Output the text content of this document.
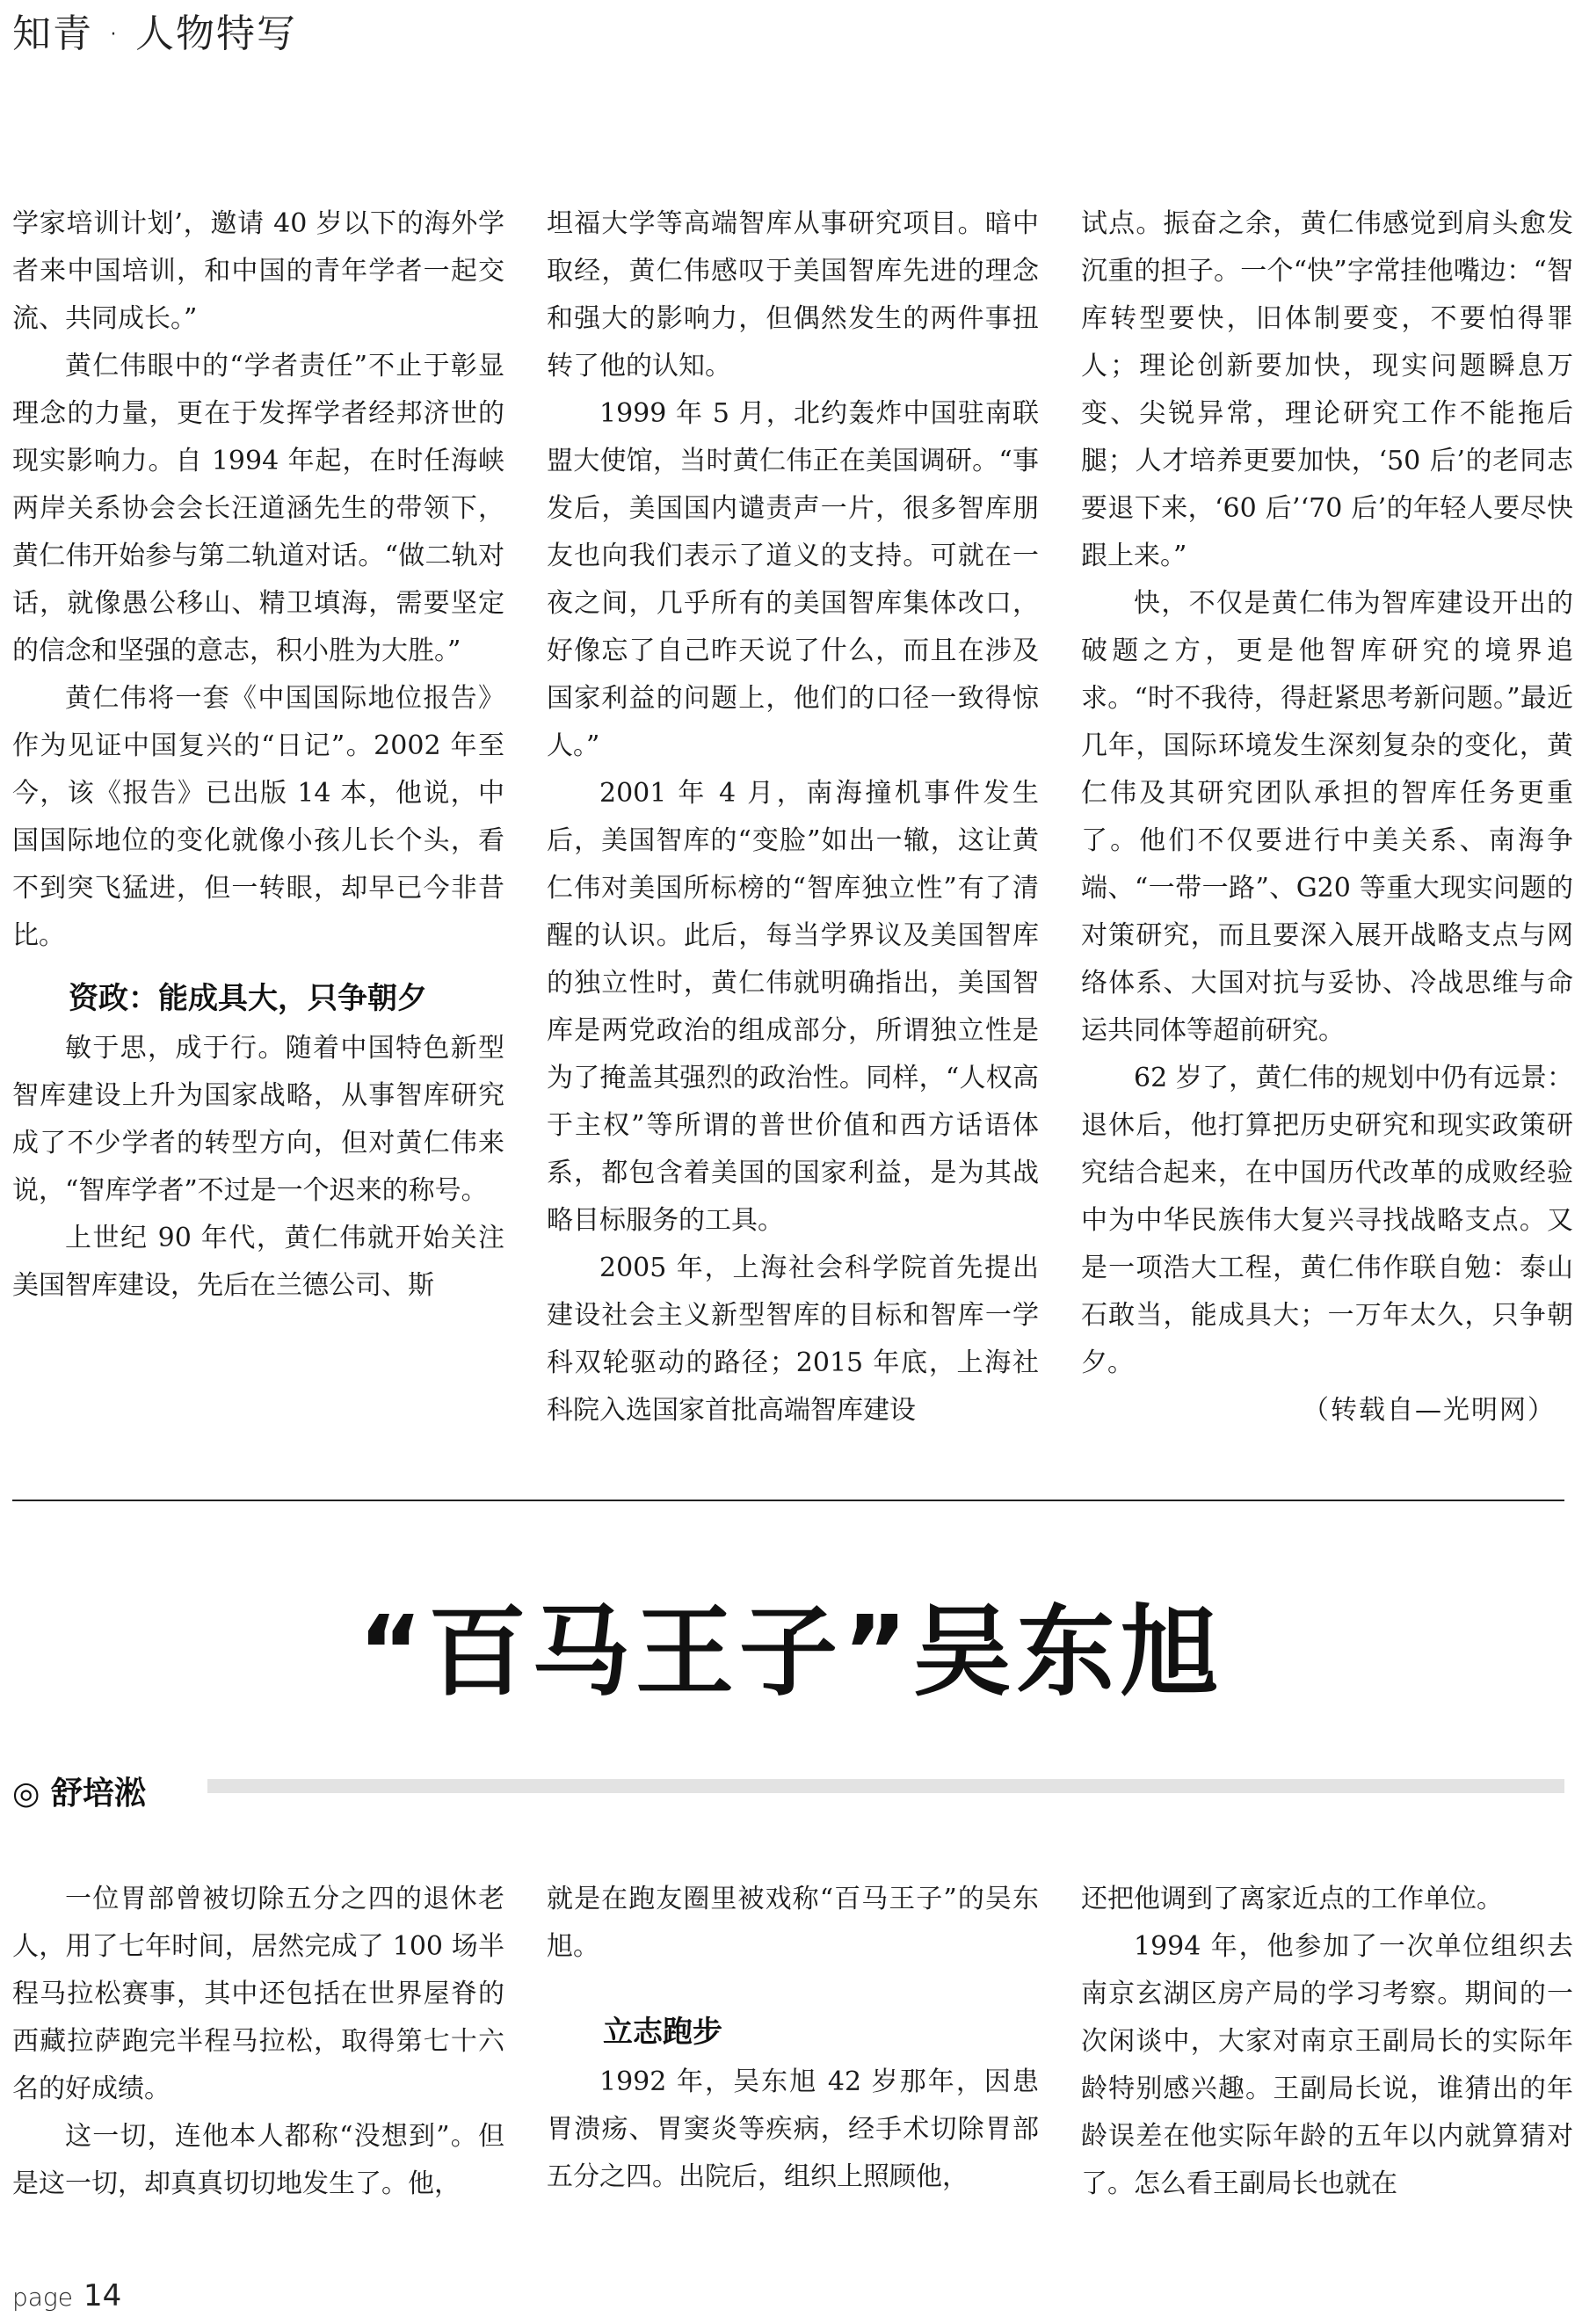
知青 · 人物特写

学家培训计划’，邀请 40 岁以下的海外学者来中国培训，和中国的青年学者一起交流、共同成长。”

黄仁伟眼中的“学者责任”不止于彰显理念的力量，更在于发挥学者经邦济世的现实影响力。自 1994 年起，在时任海峡两岸关系协会会长汪道涵先生的带领下，黄仁伟开始参与第二轨道对话。“做二轨对话，就像愚公移山、精卫填海，需要坚定的信念和坚强的意志，积小胜为大胜。”

黄仁伟将一套《中国国际地位报告》作为见证中国复兴的“日记”。2002 年至今，该《报告》已出版 14 本，他说，中国国际地位的变化就像小孩儿长个头，看不到突飞猛进，但一转眼，却早已今非昔比。

资政：能成具大，只争朝夕

敏于思，成于行。随着中国特色新型智库建设上升为国家战略，从事智库研究成了不少学者的转型方向，但对黄仁伟来说，“智库学者”不过是一个迟来的称号。

上世纪 90 年代，黄仁伟就开始关注美国智库建设，先后在兰德公司、斯

坦福大学等高端智库从事研究项目。暗中取经，黄仁伟感叹于美国智库先进的理念和强大的影响力，但偶然发生的两件事扭转了他的认知。

1999 年 5 月，北约轰炸中国驻南联盟大使馆，当时黄仁伟正在美国调研。“事发后，美国国内谴责声一片，很多智库朋友也向我们表示了道义的支持。可就在一夜之间，几乎所有的美国智库集体改口，好像忘了自己昨天说了什么，而且在涉及国家利益的问题上，他们的口径一致得惊人。”

2001 年 4 月，南海撞机事件发生后，美国智库的“变脸”如出一辙，这让黄仁伟对美国所标榜的“智库独立性”有了清醒的认识。此后，每当学界议及美国智库的独立性时，黄仁伟就明确指出，美国智库是两党政治的组成部分，所谓独立性是为了掩盖其强烈的政治性。同样，“人权高于主权”等所谓的普世价值和西方话语体系，都包含着美国的国家利益，是为其战略目标服务的工具。

2005 年，上海社会科学院首先提出建设社会主义新型智库的目标和智库一学科双轮驱动的路径；2015 年底，上海社科院入选国家首批高端智库建设

试点。振奋之余，黄仁伟感觉到肩头愈发沉重的担子。一个“快”字常挂他嘴边：“智库转型要快，旧体制要变，不要怕得罪人；理论创新要加快，现实问题瞬息万变、尖锐异常，理论研究工作不能拖后腿；人才培养更要加快，‘50 后’的老同志要退下来，‘60 后’‘70 后’的年轻人要尽快跟上来。”

快，不仅是黄仁伟为智库建设开出的破题之方，更是他智库研究的境界追求。“时不我待，得赶紧思考新问题。”最近几年，国际环境发生深刻复杂的变化，黄仁伟及其研究团队承担的智库任务更重了。他们不仅要进行中美关系、南海争端、“一带一路”、G20 等重大现实问题的对策研究，而且要深入展开战略支点与网络体系、大国对抗与妥协、冷战思维与命运共同体等超前研究。

62 岁了，黄仁伟的规划中仍有远景：退休后，他打算把历史研究和现实政策研究结合起来，在中国历代改革的成败经验中为中华民族伟大复兴寻找战略支点。又是一项浩大工程，黄仁伟作联自勉：泰山石敢当，能成具大；一万年太久，只争朝夕。

（转载自—光明网）

“百马王子”吴东旭
◎ 舒培淞

一位胃部曾被切除五分之四的退休老人，用了七年时间，居然完成了 100 场半程马拉松赛事，其中还包括在世界屋脊的西藏拉萨跑完半程马拉松，取得第七十六名的好成绩。

这一切，连他本人都称“没想到”。但是这一切，却真真切切地发生了。他，

就是在跑友圈里被戏称“百马王子”的吴东旭。

立志跑步

1992 年，吴东旭 42 岁那年，因患胃溃疡、胃窦炎等疾病，经手术切除胃部五分之四。出院后，组织上照顾他，

还把他调到了离家近点的工作单位。

1994 年，他参加了一次单位组织去南京玄湖区房产局的学习考察。期间的一次闲谈中，大家对南京王副局长的实际年龄特别感兴趣。王副局长说，谁猜出的年龄误差在他实际年龄的五年以内就算猜对了。怎么看王副局长也就在

page 14
